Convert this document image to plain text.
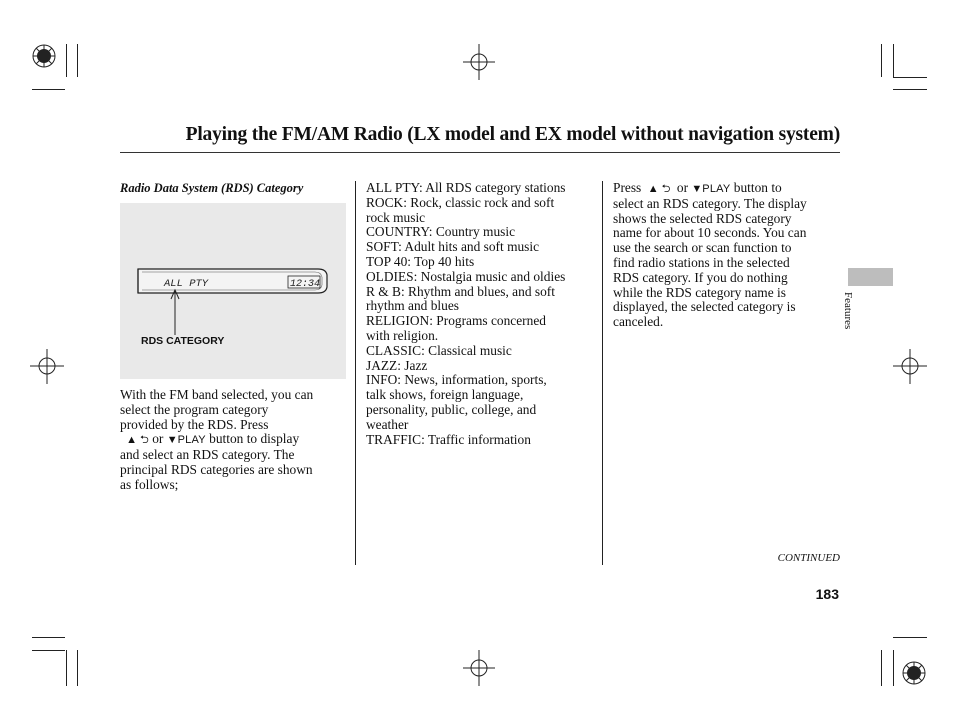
Playing the FM/AM Radio (LX model and EX model without navigation system)
Radio Data System (RDS) Category
ALL PTY	12:34
RDS CATEGORY
With the FM band selected, you can
select the program category
provided by the RDS. Press
▲ ⮌ or ▼PLAY button to display
and select an RDS category. The
principal RDS categories are shown
as follows;
ALL PTY: All RDS category stations
ROCK: Rock, classic rock and soft
rock music
COUNTRY: Country music
SOFT: Adult hits and soft music
TOP 40: Top 40 hits
OLDIES: Nostalgia music and oldies
R & B: Rhythm and blues, and soft
rhythm and blues
RELIGION: Programs concerned
with religion.
CLASSIC: Classical music
JAZZ: Jazz
INFO: News, information, sports,
talk shows, foreign language,
personality, public, college, and
weather
TRAFFIC: Traffic information
Press  ▲ ⮌  or ▼PLAY button to
select an RDS category. The display
shows the selected RDS category
name for about 10 seconds. You can
use the search or scan function to
find radio stations in the selected
RDS category. If you do nothing
while the RDS category name is
displayed, the selected category is
canceled.	Features
CONTINUED
183
